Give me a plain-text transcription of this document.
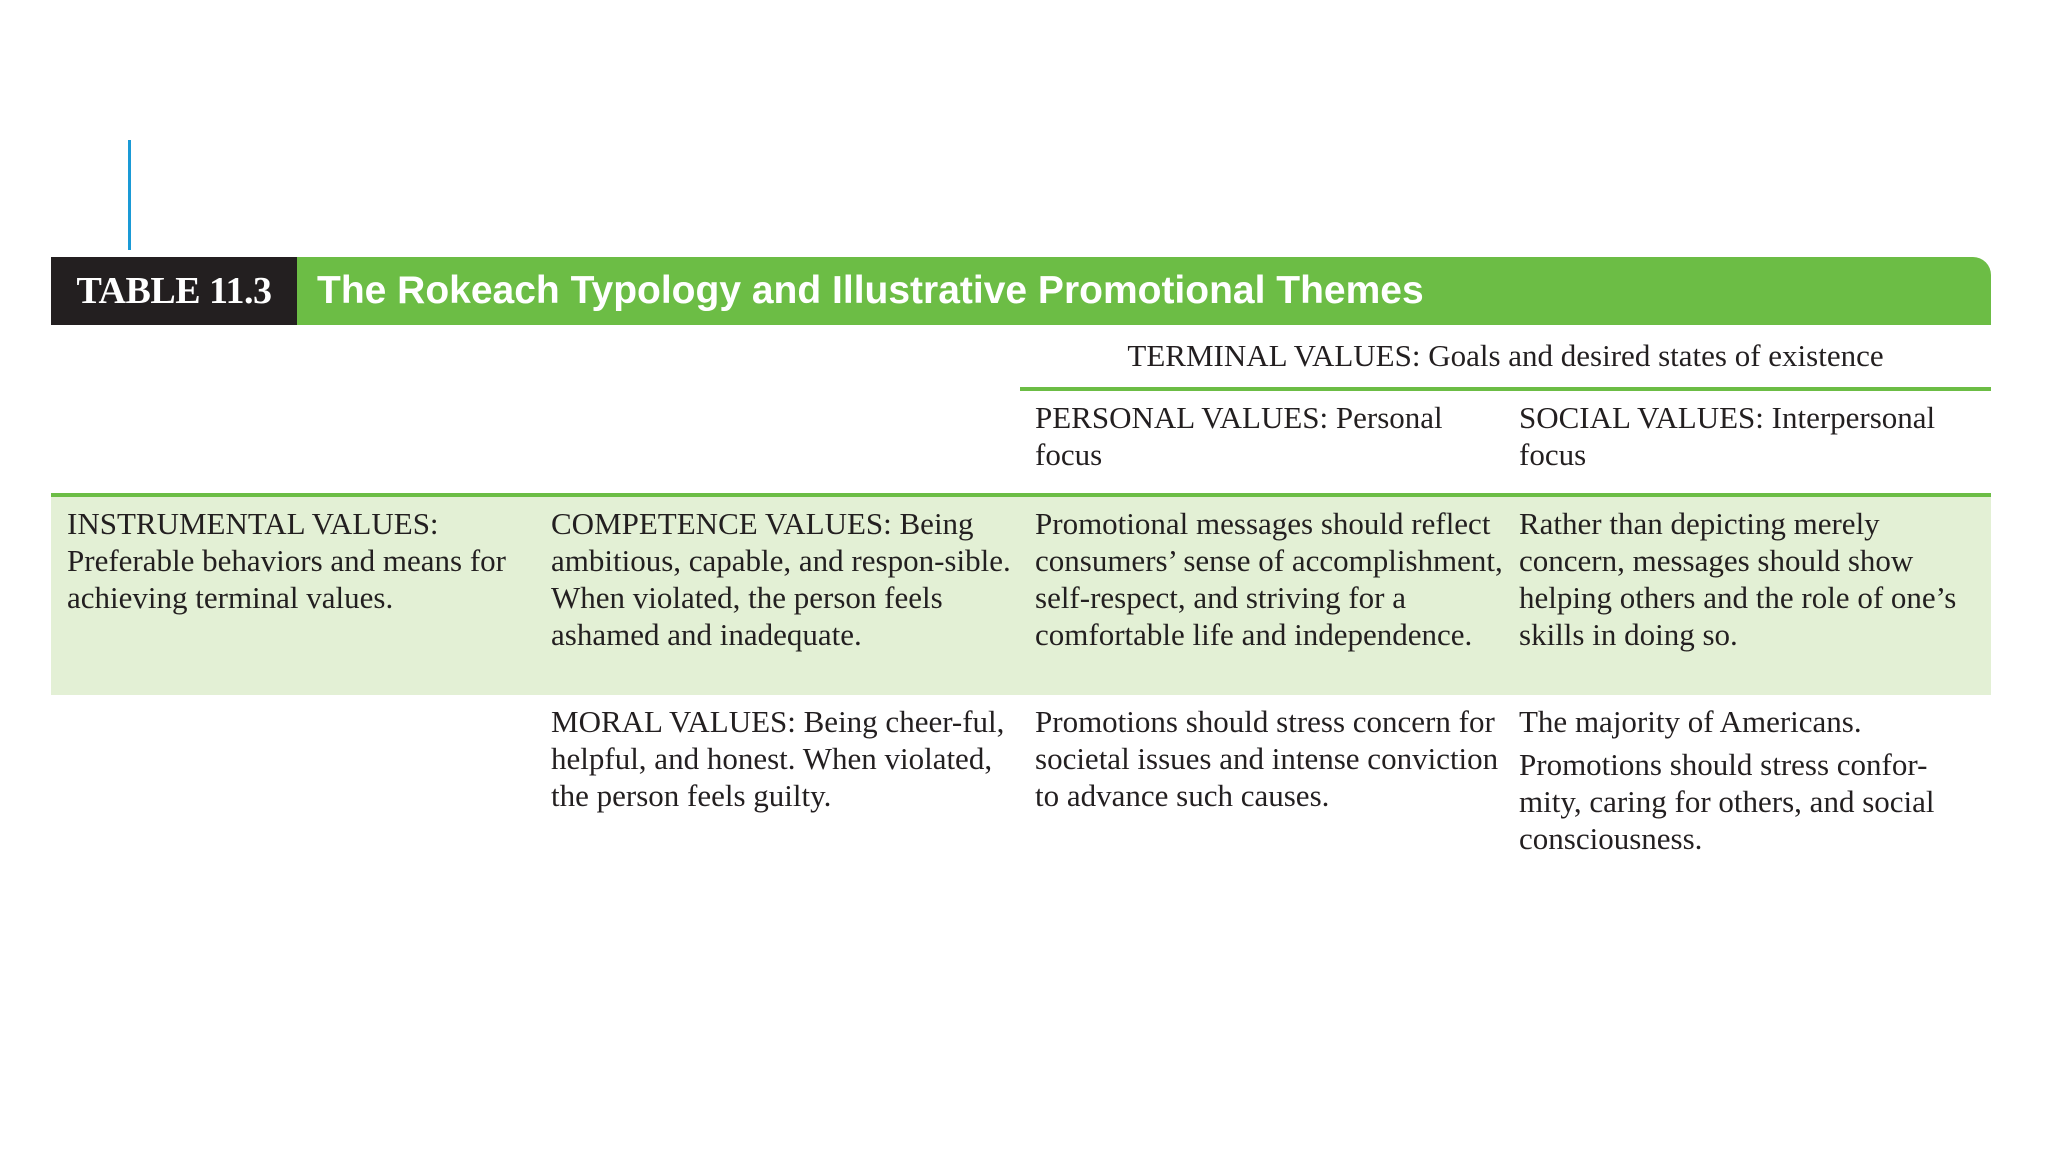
TABLE 11.3	The Rokeach Typology and Illustrative Promotional Themes
TERMINAL VALUES: Goals and desired states of existence
PERSONAL VALUES: Personal focus
SOCIAL VALUES: Interpersonal focus
INSTRUMENTAL VALUES: Preferable behaviors and means for achieving terminal values.
COMPETENCE VALUES: Being ambitious, capable, and respon-sible. When violated, the person feels ashamed and inadequate.
Promotional messages should reflect consumers’ sense of accomplishment, self-respect, and striving for a comfortable life and independence.
Rather than depicting merely concern, messages should show helping others and the role of one’s skills in doing so.
MORAL VALUES: Being cheer-ful, helpful, and honest. When violated, the person feels guilty.
Promotions should stress concern for societal issues and intense conviction to advance such causes.

The majority of Americans.

Promotions should stress confor-mity, caring for others, and social consciousness.
